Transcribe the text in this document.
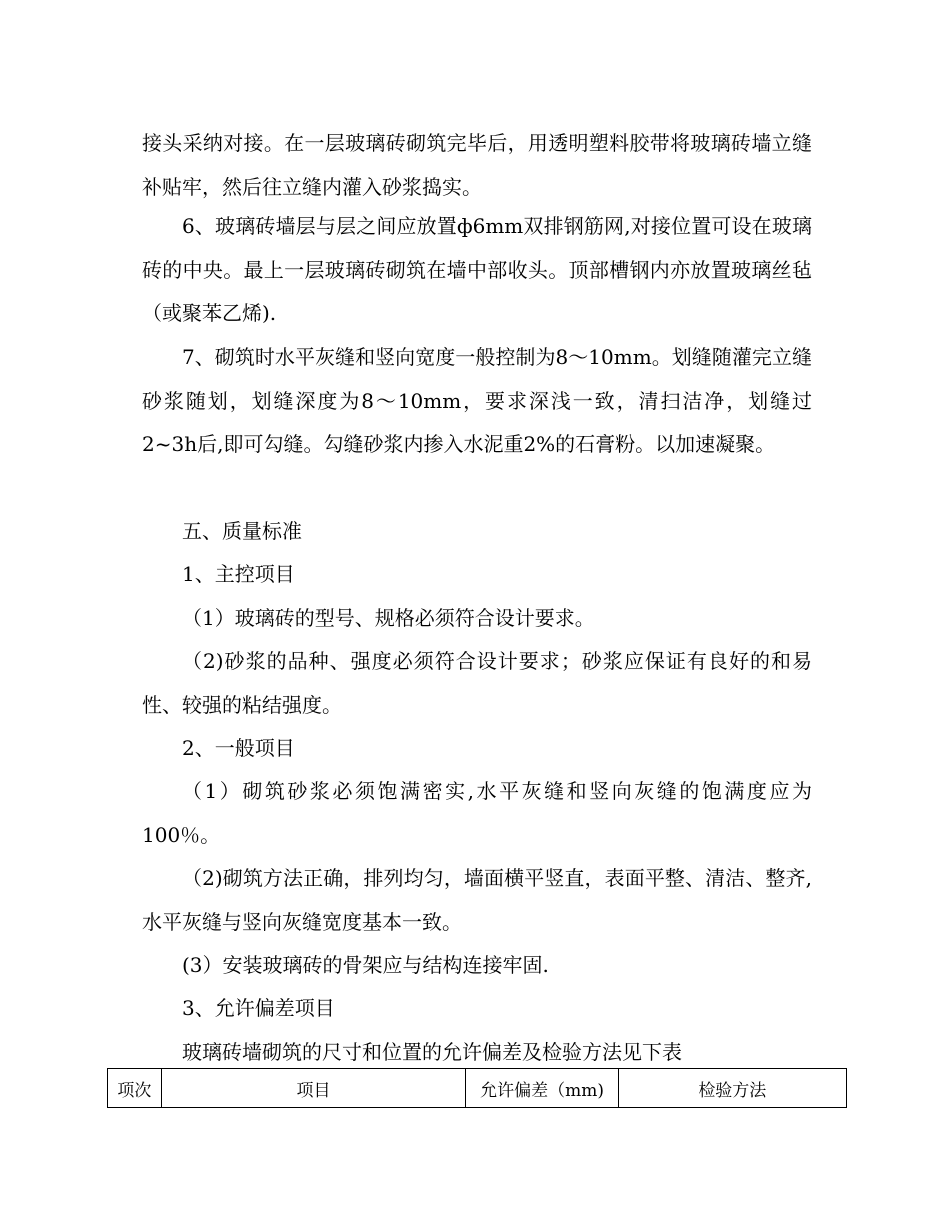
接头采纳对接。在一层玻璃砖砌筑完毕后，用透明塑料胶带将玻璃砖墙立缝补贴牢，然后往立缝内灌入砂浆捣实。

6、玻璃砖墙层与层之间应放置ф6mm双排钢筋网,对接位置可设在玻璃砖的中央。最上一层玻璃砖砌筑在墙中部收头。顶部槽钢内亦放置玻璃丝毡（或聚苯乙烯).

7、砌筑时水平灰缝和竖向宽度一般控制为8～10mm。划缝随灌完立缝砂浆随划，划缝深度为8～10mm，要求深浅一致，清扫洁净，划缝过2~3h后,即可勾缝。勾缝砂浆内掺入水泥重2%的石膏粉。以加速凝聚。

五、质量标准

1、主控项目

（1）玻璃砖的型号、规格必须符合设计要求。

（2)砂浆的品种、强度必须符合设计要求；砂浆应保证有良好的和易性、较强的粘结强度。

2、一般项目

（1）砌筑砂浆必须饱满密实,水平灰缝和竖向灰缝的饱满度应为100％。

（2)砌筑方法正确，排列均匀，墙面横平竖直，表面平整、清洁、整齐,水平灰缝与竖向灰缝宽度基本一致。

(3）安装玻璃砖的骨架应与结构连接牢固.

3、允许偏差项目

玻璃砖墙砌筑的尺寸和位置的允许偏差及检验方法见下表

项次	项目	允许偏差（mm)	检验方法
